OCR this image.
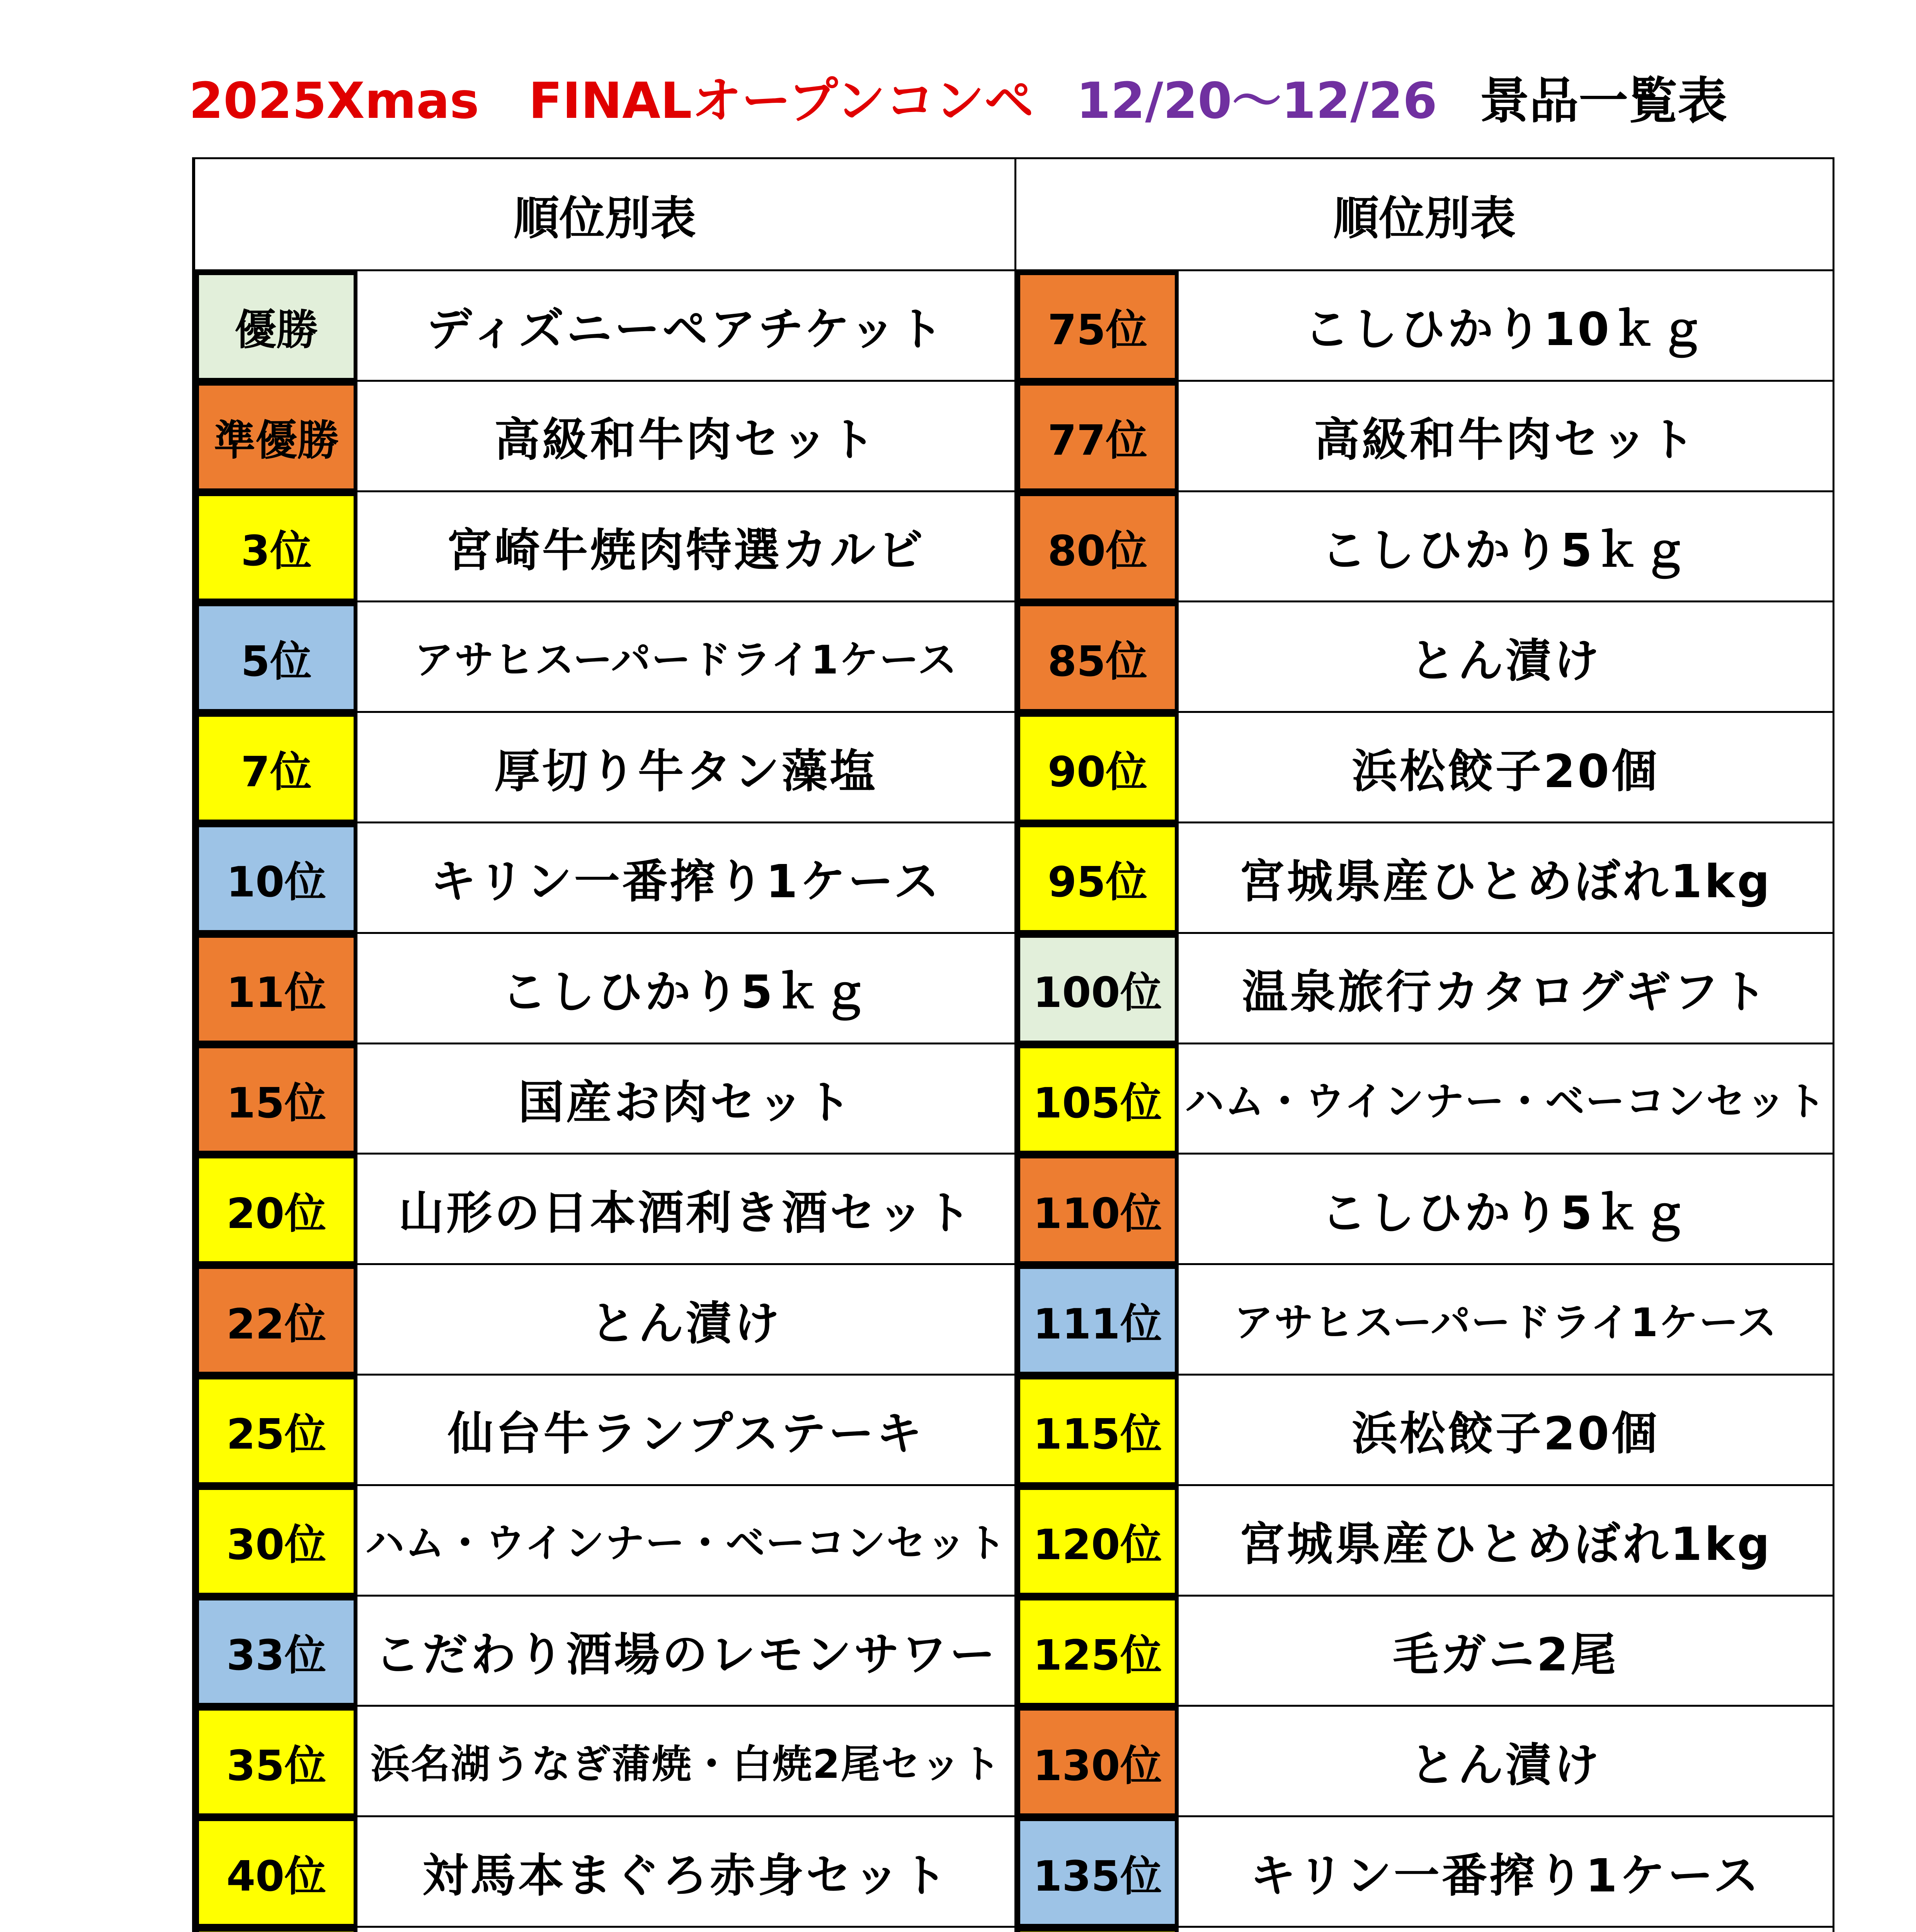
2025Xmas　FINALオープンコンペ 12/20～12/26 景品一覧表
順位別表	順位別表
優勝	ディズニーペアチケット
準優勝	高級和牛肉セット
3位	宮崎牛焼肉特選カルビ
5位	アサヒスーパードライ1ケース
7位	厚切り牛タン藻塩
10位	キリン一番搾り1ケース
11位	こしひかり5ｋｇ
15位	国産お肉セット
20位	山形の日本酒利き酒セット
22位	とん漬け
25位	仙台牛ランプステーキ
30位 ハム・ウインナー・ベーコンセット
33位	こだわり酒場のレモンサワー
35位	浜名湖うなぎ蒲焼・白焼2尾セット
40位	対馬本まぐろ赤身セット
75位	こしひかり10ｋｇ
77位	高級和牛肉セット
80位	こしひかり5ｋｇ
85位	とん漬け
90位	浜松餃子20個
95位	宮城県産ひとめぼれ1kg
100位	温泉旅行カタログギフト
105位 ハム・ウインナー・ベーコンセット
110位	こしひかり5ｋｇ
111位	アサヒスーパードライ1ケース
115位	浜松餃子20個
120位	宮城県産ひとめぼれ1kg
125位	毛ガニ2尾
130位	とん漬け
135位	キリン一番搾り1ケース
